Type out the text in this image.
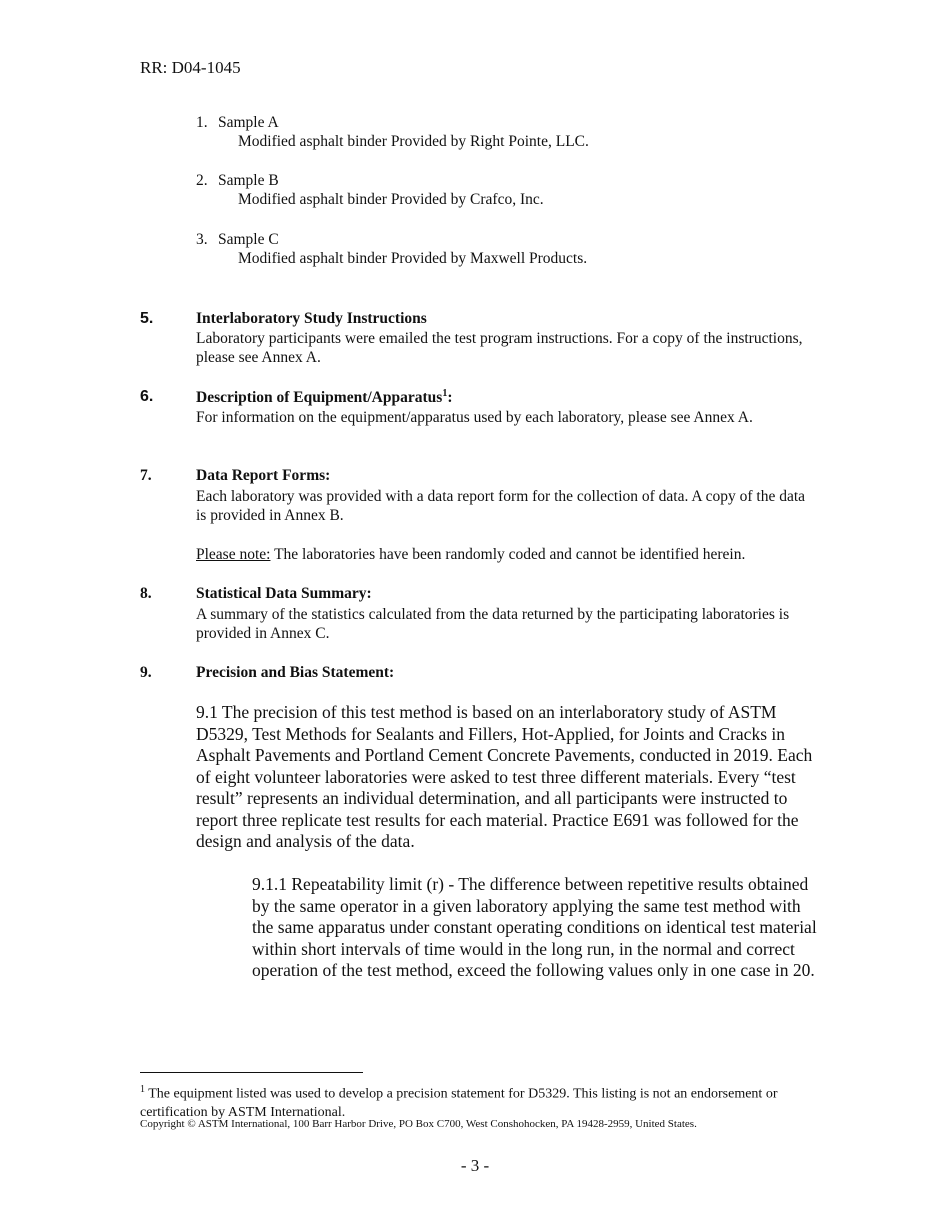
RR: D04-1045
1. Sample A
Modified asphalt binder Provided by Right Pointe, LLC.
2. Sample B
Modified asphalt binder Provided by Crafco, Inc.
3. Sample C
Modified asphalt binder Provided by Maxwell Products.
5.	Interlaboratory Study Instructions
Laboratory participants were emailed the test program instructions. For a copy of the instructions, please see Annex A.
6.	Description of Equipment/Apparatus$^1$:
For information on the equipment/apparatus used by each laboratory, please see Annex A.
7.	Data Report Forms:
Each laboratory was provided with a data report form for the collection of data. A copy of the data is provided in Annex B.
Please note: The laboratories have been randomly coded and cannot be identified herein.
8.	Statistical Data Summary:
A summary of the statistics calculated from the data returned by the participating laboratories is provided in Annex C.
9.	Precision and Bias Statement:
9.1 The precision of this test method is based on an interlaboratory study of ASTM D5329, Test Methods for Sealants and Fillers, Hot-Applied, for Joints and Cracks in Asphalt Pavements and Portland Cement Concrete Pavements, conducted in 2019. Each of eight volunteer laboratories were asked to test three different materials. Every “test result” represents an individual determination, and all participants were instructed to report three replicate test results for each material. Practice E691 was followed for the design and analysis of the data.
9.1.1 Repeatability limit (r) - The difference between repetitive results obtained by the same operator in a given laboratory applying the same test method with the same apparatus under constant operating conditions on identical test material within short intervals of time would in the long run, in the normal and correct operation of the test method, exceed the following values only in one case in 20.
$^1$ The equipment listed was used to develop a precision statement for D5329. This listing is not an endorsement or certification by ASTM International.
Copyright © ASTM International, 100 Barr Harbor Drive, PO Box C700, West Conshohocken, PA 19428-2959, United States.
- 3 -
